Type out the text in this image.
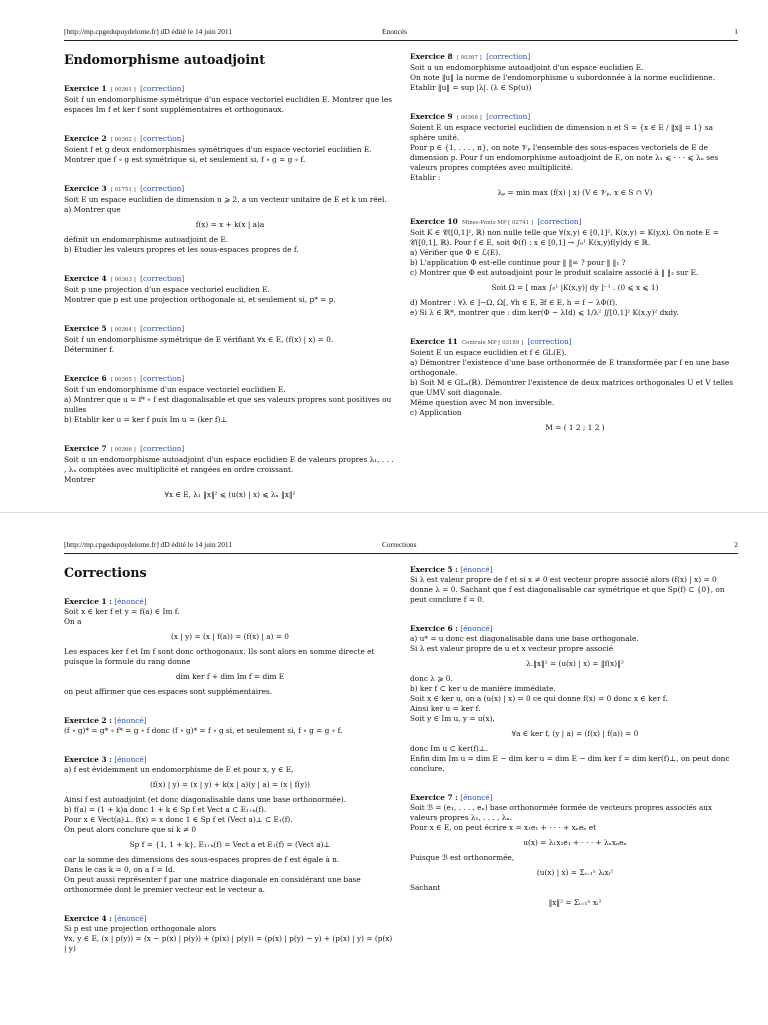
[http://mp.cpgedupuydelome.fr] dD édité le 14 juin 2011	Enoncés	1
Endomorphisme autoadjoint
Exercice 1 [ 00361 ] [correction]
Soit f un endomorphisme symétrique d'un espace vectoriel euclidien E. Montrer que les espaces Im f et ker f sont supplémentaires et orthogonaux.
Exercice 2 [ 00362 ] [correction]
Soient f et g deux endomorphismes symétriques d'un espace vectoriel euclidien E.
Montrer que f ∘ g est symétrique si, et seulement si, f ∘ g = g ∘ f.
Exercice 3 [ 01751 ] [correction]
Soit E un espace euclidien de dimension n ⩾ 2, a un vecteur unitaire de E et k un réel.
a) Montrer que
f(x) = x + k(x | a)a
définit un endomorphisme autoadjoint de E.
b) Etudier les valeurs propres et les sous-espaces propres de f.
Exercice 4 [ 00363 ] [correction]
Soit p une projection d'un espace vectoriel euclidien E.
Montrer que p est une projection orthogonale si, et seulement si, p* = p.
Exercice 5 [ 00364 ] [correction]
Soit f un endomorphisme symétrique de E vérifiant ∀x ∈ E, (f(x) | x) = 0.
Déterminer f.
Exercice 6 [ 00365 ] [correction]
Soit f un endomorphisme d'un espace vectoriel euclidien E.
a) Montrer que u = f* ∘ f est diagonalisable et que ses valeurs propres sont positives ou nulles
b) Etablir ker u = ker f puis Im u = (ker f)⊥
Exercice 7 [ 00366 ] [correction]
Soit u un endomorphisme autoadjoint d'un espace euclidien E de valeurs propres λ₁, . . . , λₙ comptées avec multiplicité et rangées en ordre croissant.
Montrer
∀x ∈ E, λ₁ ‖x‖² ⩽ (u(x) | x) ⩽ λₙ ‖x‖²
Exercice 8 [ 00367 ] [correction]
Soit u un endomorphisme autoadjoint d'un espace euclidien E.
On note ‖u‖ la norme de l'endomorphisme u subordonnée à la norme euclidienne.
Etablir ‖u‖ = sup |λ|. (λ ∈ Sp(u))
Exercice 9 [ 00368 ] [correction]
Soient E un espace vectoriel euclidien de dimension n et S = {x ∈ E / ‖x‖ = 1} sa sphère unité.
Pour p ∈ {1, . . . , n}, on note 𝒱ₚ l'ensemble des sous-espaces vectoriels de E de dimension p. Pour f un endomorphisme autoadjoint de E, on note λ₁ ⩽ · · · ⩽ λₙ ses valeurs propres comptées avec multiplicité.
Etablir :
λₚ = min max (f(x) | x) (V ∈ 𝒱ₚ, x ∈ S ∩ V)
Exercice 10 Mines-Ponts MP [ 02741 ] [correction]
Soit K ∈ 𝒞([0,1]², ℝ) non nulle telle que ∀(x,y) ∈ [0,1]², K(x,y) = K(y,x). On note E = 𝒞([0,1], ℝ). Pour f ∈ E, soit Φ(f) : x ∈ [0,1] → ∫₀¹ K(x,y)f(y)dy ∈ ℝ.
a) Vérifier que Φ ∈ ℒ(E).
b) L'application Φ est-elle continue pour ‖ ‖∞ ? pour ‖ ‖₁ ?
c) Montrer que Φ est autoadjoint pour le produit scalaire associé à ‖ ‖₂ sur E.
Soit Ω = [ max ∫₀¹ |K(x,y)| dy ]⁻¹ . (0 ⩽ x ⩽ 1)
d) Montrer : ∀λ ∈ ]−Ω, Ω[, ∀h ∈ E, ∃f ∈ E, h = f − λΦ(f).
e) Si λ ∈ ℝ*, montrer que : dim ker(Φ − λId) ⩽ 1/λ² ∬[0,1]² K(x,y)² dxdy.
Exercice 11 Centrale MP [ 03189 ] [correction]
Soient E un espace euclidien et f ∈ GL(E).
a) Démontrer l'existence d'une base orthonormée de E transformée par f en une base orthogonale.
b) Soit M ∈ GLₙ(ℝ). Démontrer l'existence de deux matrices orthogonales U et V telles que UMV soit diagonale.
Même question avec M non inversible.
c) Application
M = ( 1 2 ; 1 2 )
[http://mp.cpgedupuydelome.fr] dD édité le 14 juin 2011	Corrections	2
Corrections
Exercice 1 : [énoncé]
Soit x ∈ ker f et y = f(a) ∈ Im f.
On a
(x | y) = (x | f(a)) = (f(x) | a) = 0
Les espaces ker f et Im f sont donc orthogonaux. Ils sont alors en somme directe et puisque la formule du rang donne
dim ker f + dim Im f = dim E
on peut affirmer que ces espaces sont supplémentaires.
Exercice 2 : [énoncé]
(f ∘ g)* = g* ∘ f* = g ∘ f donc (f ∘ g)* = f ∘ g si, et seulement si, f ∘ g = g ∘ f.
Exercice 3 : [énoncé]
a) f est évidemment un endomorphisme de E et pour x, y ∈ E,
(f(x) | y) = (x | y) + k(x | a)(y | a) = (x | f(y))
Ainsi f est autoadjoint (et donc diagonalisable dans une base orthonormée).
b) f(a) = (1 + k)a donc 1 + k ∈ Sp f et Vect a ⊂ E₁₊ₖ(f).
Pour x ∈ Vect(a)⊥, f(x) = x donc 1 ∈ Sp f et (Vect a)⊥ ⊂ E₁(f).
On peut alors conclure que si k ≠ 0
Sp f = {1, 1 + k}, E₁₊ₖ(f) = Vect a et E₁(f) = (Vect a)⊥
car la somme des dimensions des sous-espaces propres de f est égale à n.
Dans le cas k = 0, on a f = Id.
On peut aussi représenter f par une matrice diagonale en considérant une base orthonormée dont le premier vecteur est le vecteur a.
Exercice 4 : [énoncé]
Si p est une projection orthogonale alors
∀x, y ∈ E, (x | p(y)) = (x − p(x) | p(y)) + (p(x) | p(y)) = (p(x) | p(y) − y) + (p(x) | y) = (p(x) | y)
Exercice 5 : [énoncé]
Si λ est valeur propre de f et si x ≠ 0 est vecteur propre associé alors (f(x) | x) = 0 donne λ = 0. Sachant que f est diagonalisable car symétrique et que Sp(f) ⊂ {0}, on peut conclure f = 0.
Exercice 6 : [énoncé]
a) u* = u donc est diagonalisable dans une base orthogonale.
Si λ est valeur propre de u et x vecteur propre associé
λ.‖x‖² = (u(x) | x) = ‖f(x)‖²
donc λ ⩾ 0.
b) ker f ⊂ ker u de manière immédiate.
Soit x ∈ ker u, on a (u(x) | x) = 0 ce qui donne f(x) = 0 donc x ∈ ker f.
Ainsi ker u = ker f.
Soit y ∈ Im u, y = u(x),
∀a ∈ ker f, (y | a) = (f(x) | f(a)) = 0
donc Im u ⊂ ker(f)⊥.
Enfin dim Im u = dim E − dim ker u = dim E − dim ker f = dim ker(f)⊥, on peut donc conclure.
Exercice 7 : [énoncé]
Soit ℬ = (e₁, . . . , eₙ) base orthonormée formée de vecteurs propres associés aux valeurs propres λ₁, . . . , λₙ.
Pour x ∈ E, on peut écrire x = x₁e₁ + · · · + xₙeₙ et
u(x) = λ₁x₁e₁ + · · · + λₙxₙeₙ
Puisque ℬ est orthonormée,
(u(x) | x) = Σᵢ₌₁ⁿ λᵢxᵢ²
Sachant
‖x‖² = Σᵢ₌₁ⁿ xᵢ²
